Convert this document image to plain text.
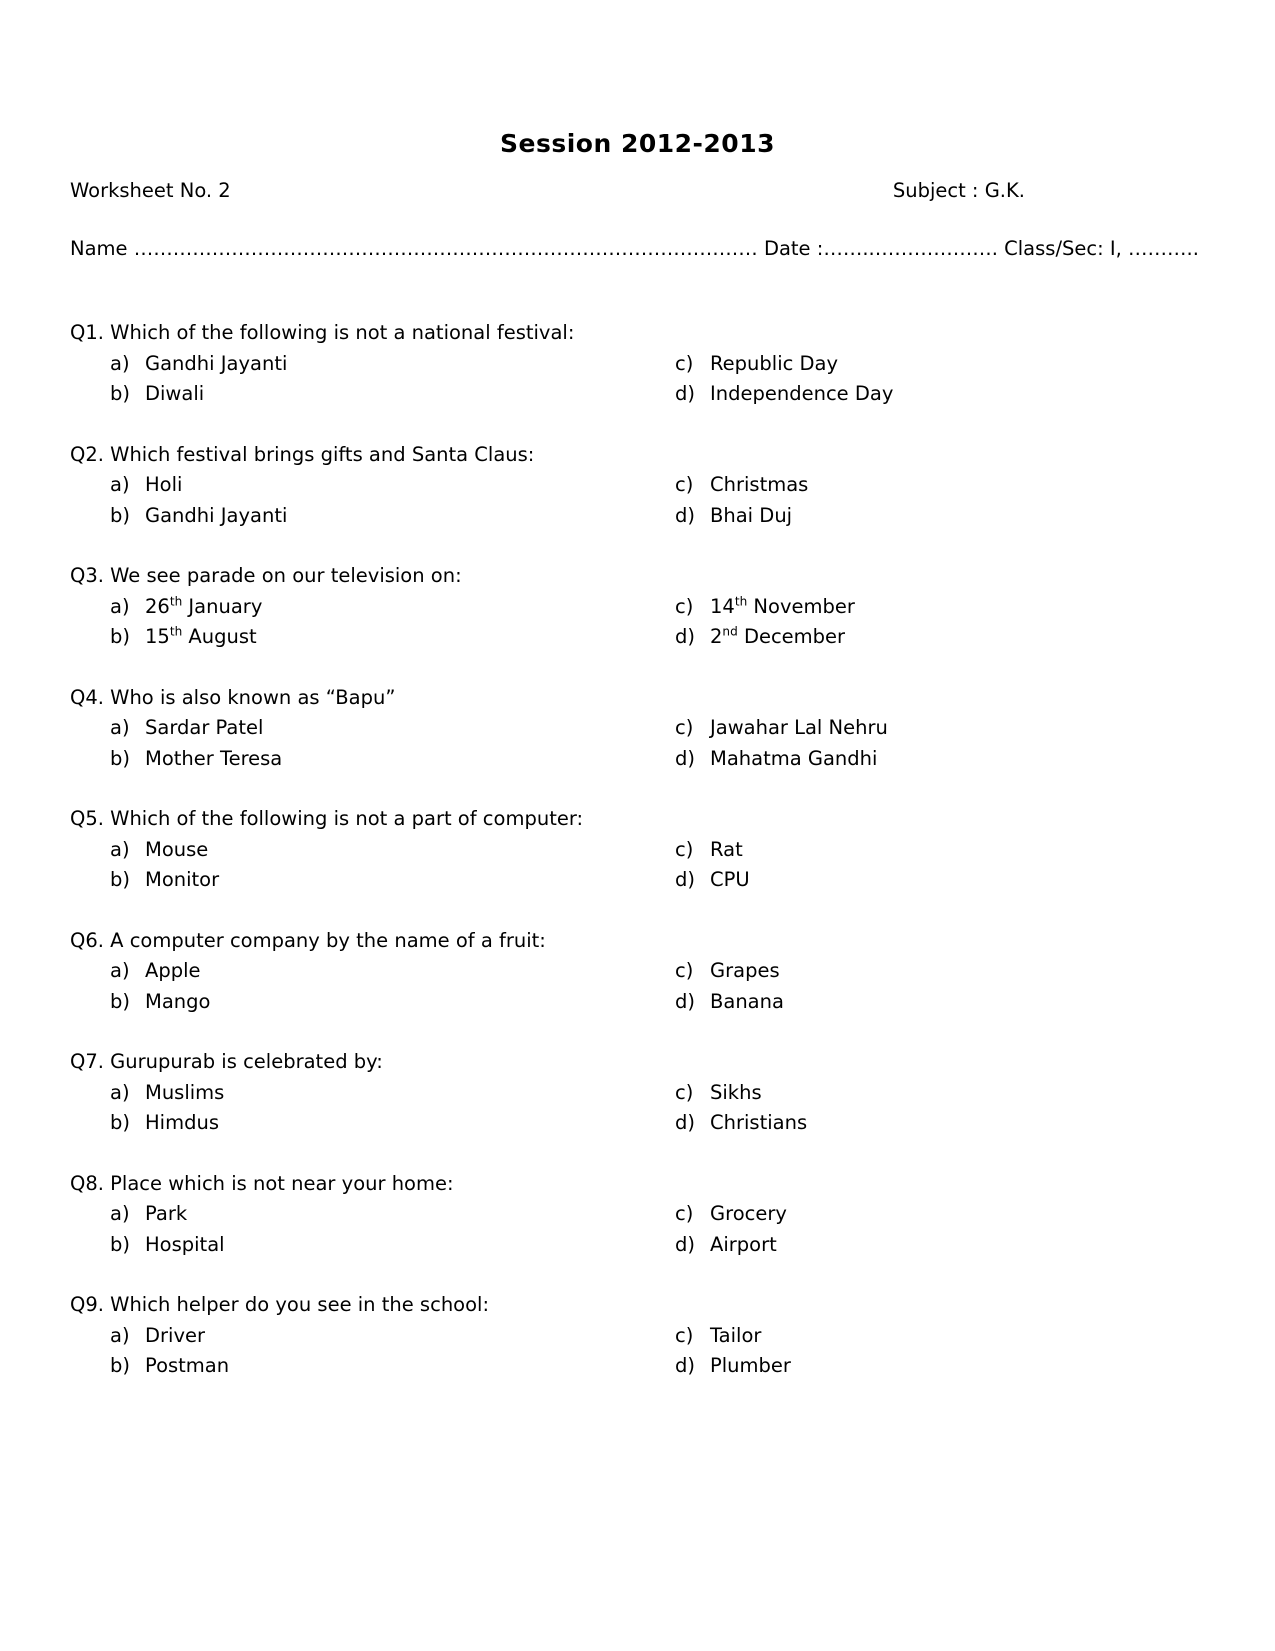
Session 2012-2013
Worksheet No. 2	Subject : G.K.
Name …………………………………………………………………………………… Date :……..………………. Class/Sec: I, ………..
Q1. Which of the following is not a national festival:
a) Gandhi Jayanti
b) Diwali
c) Republic Day
d) Independence Day
Q2. Which festival brings gifts and Santa Claus:
a) Holi
b) Gandhi Jayanti
c) Christmas
d) Bhai Duj
Q3. We see parade on our television on:
a) 26th January
b) 15th August
c) 14th November
d) 2nd December
Q4. Who is also known as “Bapu”
a) Sardar Patel
b) Mother Teresa
c) Jawahar Lal Nehru
d) Mahatma Gandhi
Q5. Which of the following is not a part of computer:
a) Mouse
b) Monitor
c) Rat
d) CPU
Q6. A computer company by the name of a fruit:
a) Apple
b) Mango
c) Grapes
d) Banana
Q7. Gurupurab is celebrated by:
a) Muslims
b) Himdus
c) Sikhs
d) Christians
Q8. Place which is not near your home:
a) Park
b) Hospital
c) Grocery
d) Airport
Q9. Which helper do you see in the school:
a) Driver
b) Postman
c) Tailor
d) Plumber
